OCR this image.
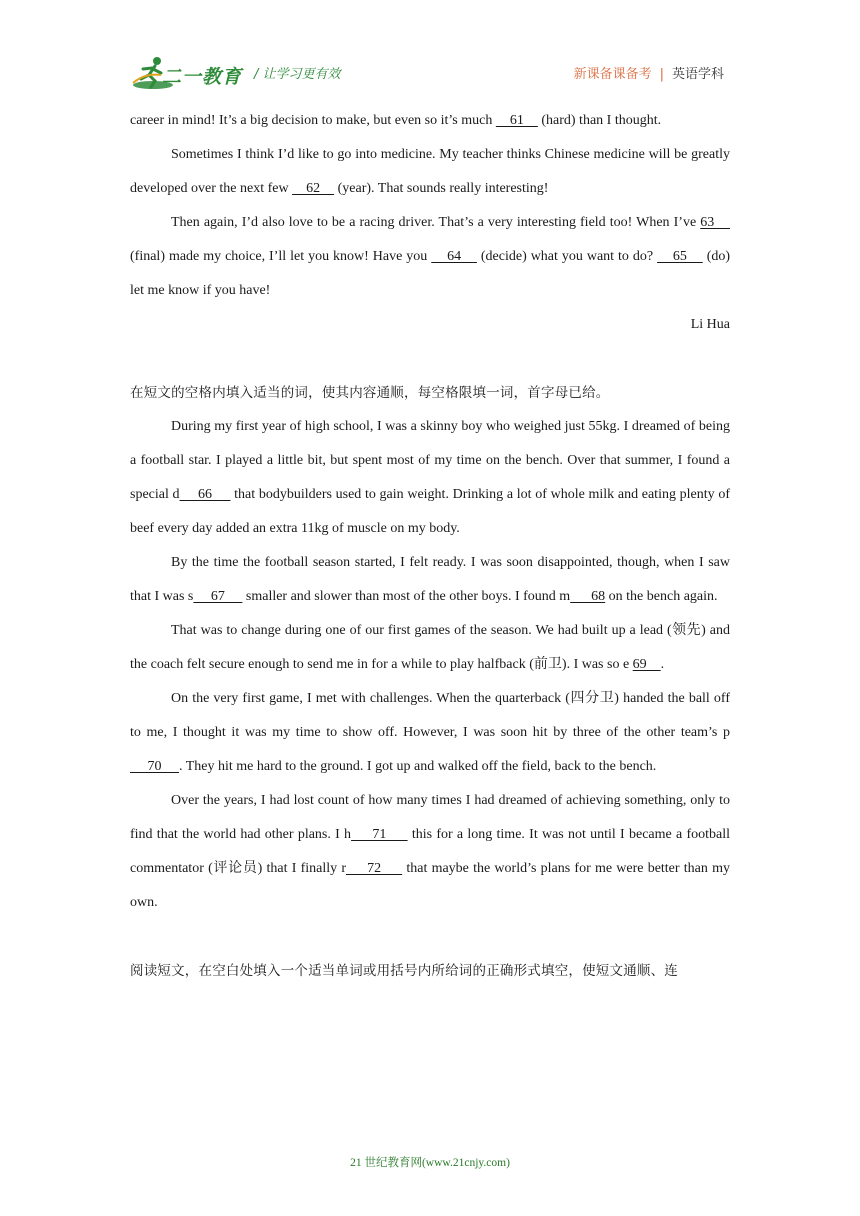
二一教育 / 让学习更有效	新课备课备考 | 英语学科

career in mind! It’s a big decision to make, but even so it’s much     61     (hard) than I thought.

Sometimes I think I’d like to go into medicine. My teacher thinks Chinese medicine will be greatly developed over the next few     62     (year). That sounds really interesting!

Then again, I’d also love to be a racing driver. That’s a very interesting field too! When I’ve 63     (final) made my choice, I’ll let you know! Have you     64     (decide) what you want to do?     65     (do) let me know if you have!

Li Hua

在短文的空格内填入适当的词，使其内容通顺，每空格限填一词，首字母已给。

During my first year of high school, I was a skinny boy who weighed just 55kg. I dreamed of being a football star. I played a little bit, but spent most of my time on the bench. Over that summer, I found a special d     66      that bodybuilders used to gain weight. Drinking a lot of whole milk and eating plenty of beef every day added an extra 11kg of muscle on my body.

By the time the football season started, I felt ready. I was soon disappointed, though, when I saw that I was s     67      smaller and slower than most of the other boys. I found m      68 on the bench again.

That was to change during one of our first games of the season. We had built up a lead (领先) and the coach felt secure enough to send me in for a while to play halfback (前卫). I was so e 69    .

On the very first game, I met with challenges. When the quarterback (四分卫) handed the ball off to me, I thought it was my time to show off. However, I was soon hit by three of the other team’s p     70     . They hit me hard to the ground. I got up and walked off the field, back to the bench.

Over the years, I had lost count of how many times I had dreamed of achieving something, only to find that the world had other plans. I h     71      this for a long time. It was not until I became a football commentator (评论员) that I finally r     72      that maybe the world’s plans for me were better than my own.

阅读短文，在空白处填入一个适当单词或用括号内所给词的正确形式填空，使短文通顺、连

21 世纪教育网(www.21cnjy.com)
